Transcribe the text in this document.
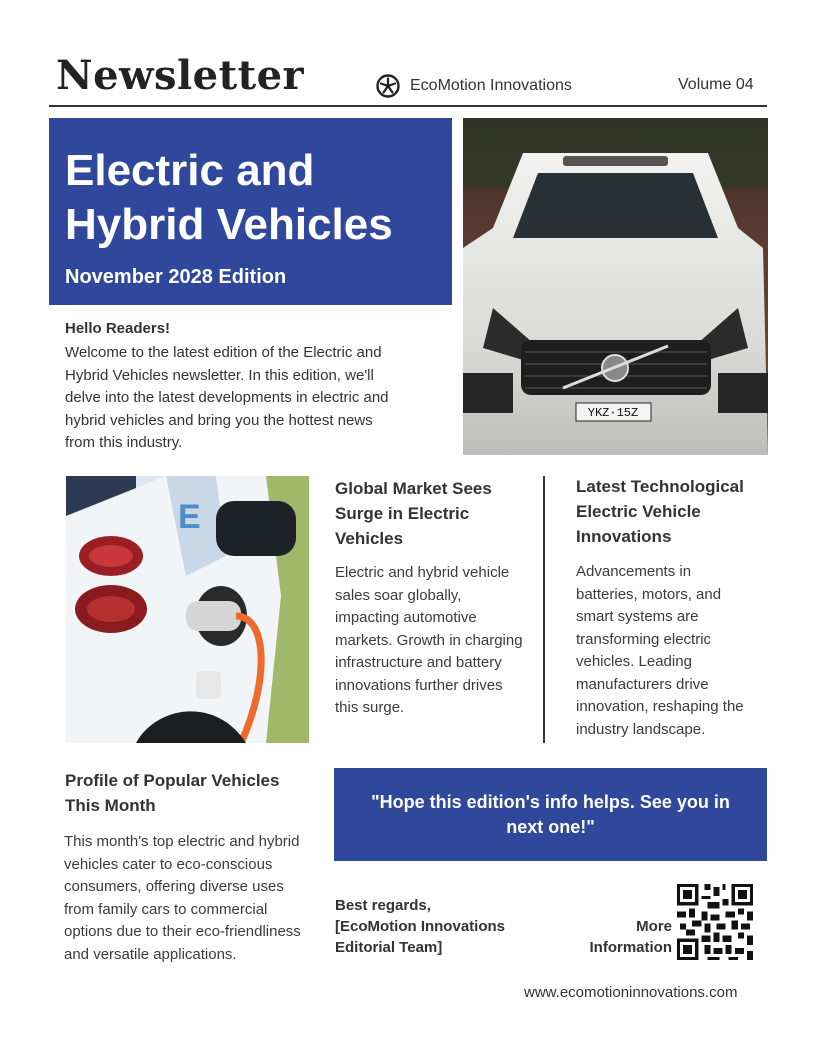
Newsletter	EcoMotion Innovations	Volume 04
Electric and Hybrid Vehicles
November 2028 Edition
YKZ·15Z
Hello Readers!
Welcome to the latest edition of the Electric and Hybrid Vehicles newsletter. In this edition, we'll delve into the latest developments in electric and hybrid vehicles and bring you the hottest news from this industry.
E
Global Market Sees Surge in Electric Vehicles
Electric and hybrid vehicle sales soar globally, impacting automotive markets. Growth in charging infrastructure and battery innovations further drives this surge.
Latest Technological Electric Vehicle Innovations
Advancements in batteries, motors, and smart systems are transforming electric vehicles. Leading manufacturers drive innovation, reshaping the industry landscape.
Profile of Popular Vehicles This Month
This month's top electric and hybrid vehicles cater to eco-conscious consumers, offering diverse uses from family cars to commercial options due to their eco-friendliness and versatile applications.
"Hope this edition's info helps. See you in next one!"
Best regards,
[EcoMotion Innovations
Editorial Team]
More Information
www.ecomotioninnovations.com
